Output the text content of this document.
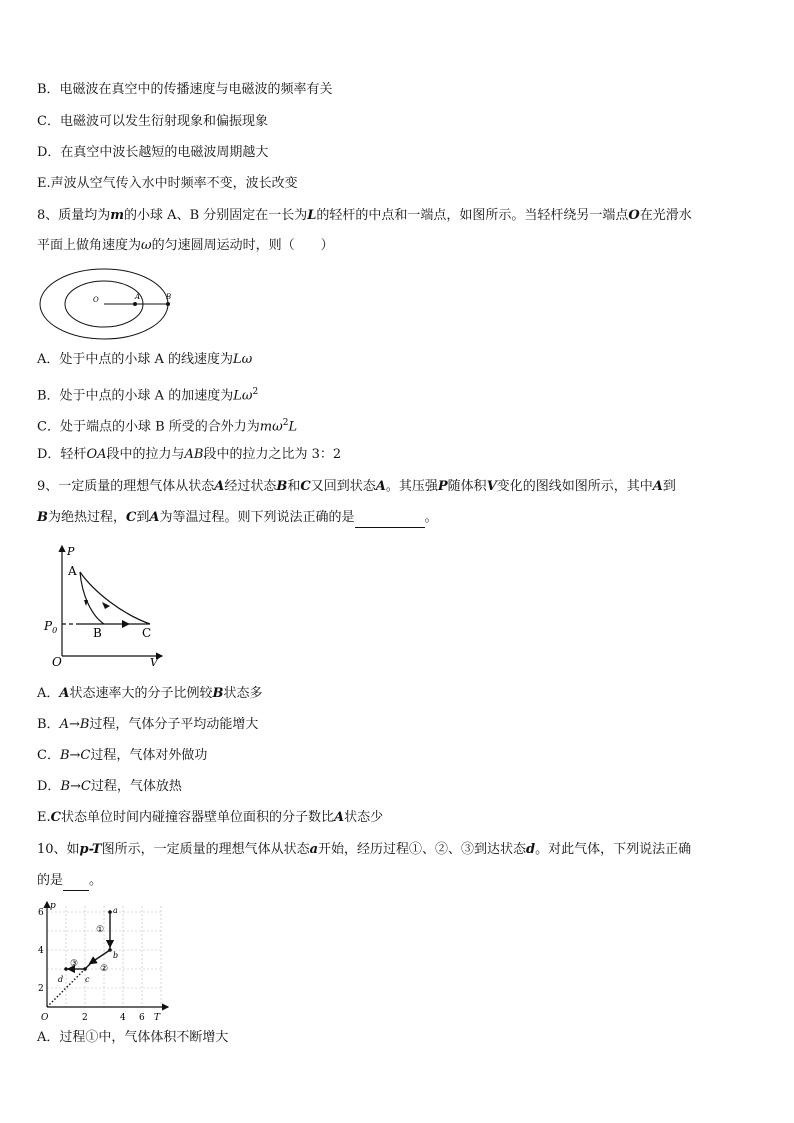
B．电磁波在真空中的传播速度与电磁波的频率有关
C．电磁波可以发生衍射现象和偏振现象
D．在真空中波长越短的电磁波周期越大
E.声波从空气传入水中时频率不变，波长改变
8、质量均为m的小球 A、B 分别固定在一长为L的轻杆的中点和一端点，如图所示。当轻杆绕另一端点O在光滑水
平面上做角速度为ω的匀速圆周运动时，则（　　）
O	A	B
A．处于中点的小球 A 的线速度为Lω
B．处于中点的小球 A 的加速度为$L\omega^2$
C．处于端点的小球 B 所受的合外力为$m\omega^2L$
D．轻杆OA段中的拉力与AB段中的拉力之比为 3：2
9、一定质量的理想气体从状态A经过状态B和C又回到状态A。其压强P随体积V变化的图线如图所示，其中A到
B为绝热过程，C到A为等温过程。则下列说法正确的是	。
P
A
$P_0$	B	C
O	V
A．A状态速率大的分子比例较B状态多
B．A→B过程，气体分子平均动能增大
C．B→C过程，气体对外做功
D．B→C过程，气体放热
E.C状态单位时间内碰撞容器壁单位面积的分子数比A状态少
10、如p-T图所示，一定质量的理想气体从状态a开始，经历过程①、②、③到达状态d。对此气体，下列说法正确
的是 。
p
6
4
2
O	2	4 6 T
a
b
c
d
①
②
③
A．过程①中，气体体积不断增大
